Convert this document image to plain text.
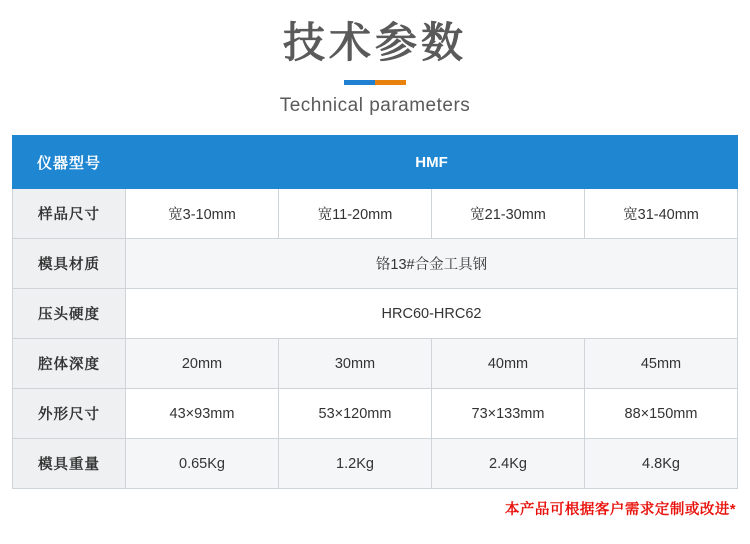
技术参数

Technical parameters

仪器型号	HMF			
样品尺寸	宽3-10mm	宽11-20mm	宽21-30mm	宽31-40mm
模具材质	铬13#合金工具钢			
压头硬度	HRC60-HRC62			
腔体深度	20mm	30mm	40mm	45mm
外形尺寸	43×93mm	53×120mm	73×133mm	88×150mm
模具重量	0.65Kg	1.2Kg	2.4Kg	4.8Kg
本产品可根据客户需求定制或改进*
